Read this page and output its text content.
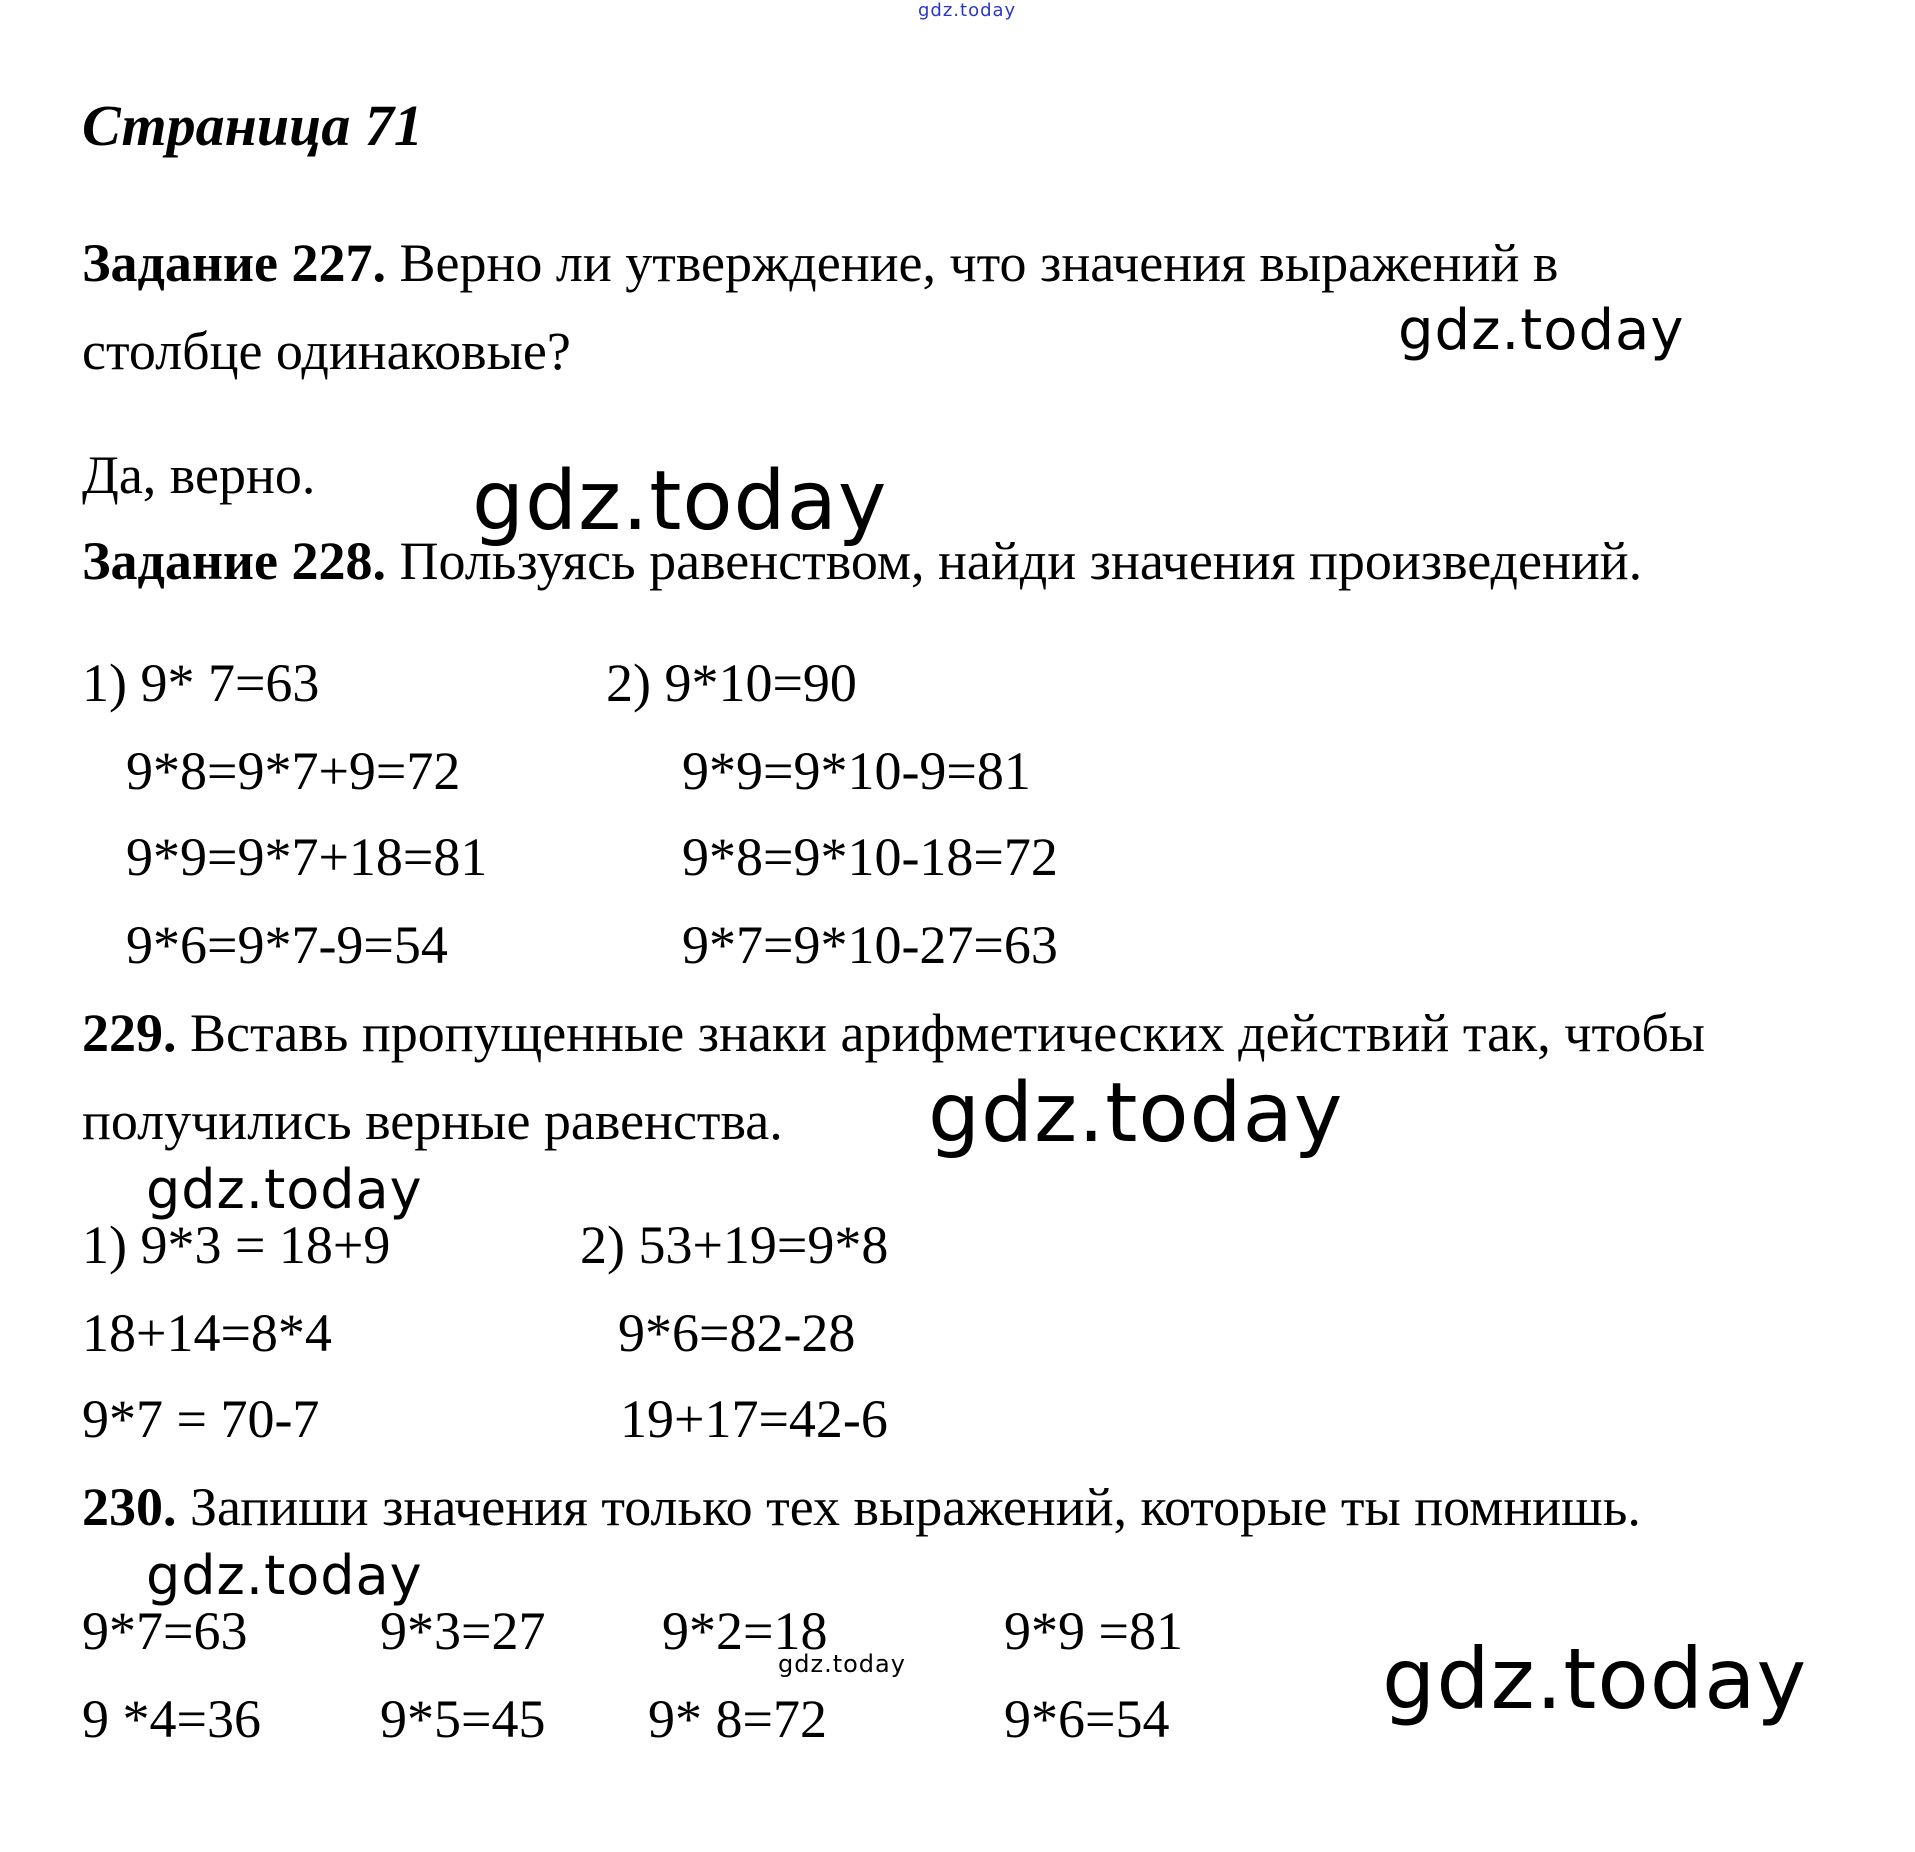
gdz.today
Страница 71
Задание 227. Верно ли утверждение, что значения выражений в
столбце одинаковые?
Да, верно.
Задание 228. Пользуясь равенством, найди значения произведений.
1) 9* 7=63
9*8=9*7+9=72
9*9=9*7+18=81
9*6=9*7-9=54
2) 9*10=90
9*9=9*10-9=81
9*8=9*10-18=72
9*7=9*10-27=63
229. Вставь пропущенные знаки арифметических действий так, чтобы
получились верные равенства.
1) 9*3 = 18+9
18+14=8*4
9*7 = 70-7
2) 53+19=9*8
9*6=82-28
19+17=42-6
230. Запиши значения только тех выражений, которые ты помнишь.
9*7=63 9*3=27 9*2=18	9*9 =81
9 *4=36 9*5=45 9* 8=72	9*6=54
gdz.today
gdz.today
gdz.today
gdz.today
gdz.today
gdz.today	gdz.today
